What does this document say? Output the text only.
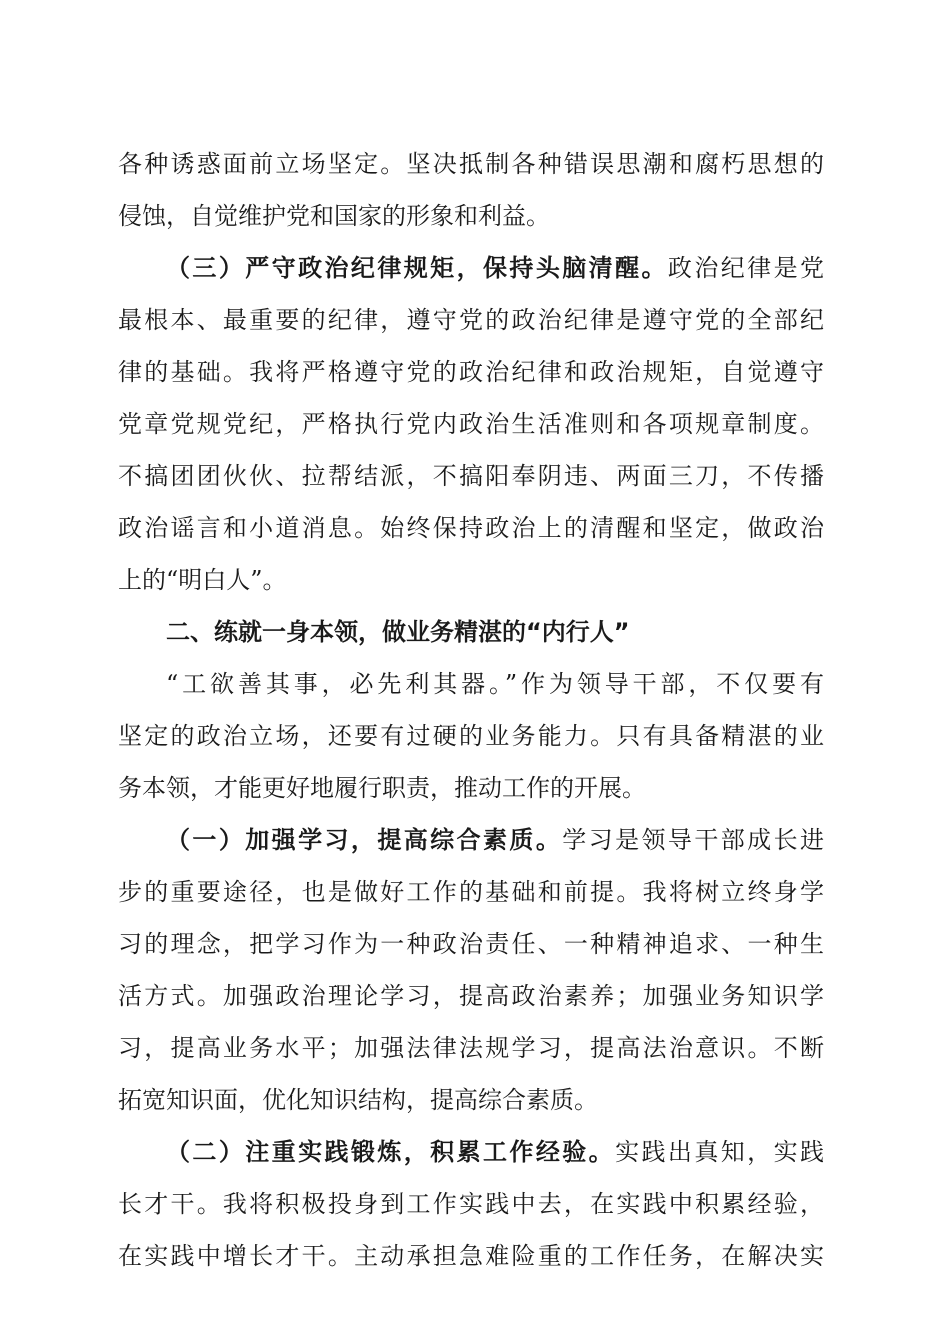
各种诱惑面前立场坚定。坚决抵制各种错误思潮和腐朽思想的
侵蚀，自觉维护党和国家的形象和利益。
（三）严守政治纪律规矩，保持头脑清醒。政治纪律是党
最根本、最重要的纪律，遵守党的政治纪律是遵守党的全部纪
律的基础。我将严格遵守党的政治纪律和政治规矩，自觉遵守
党章党规党纪，严格执行党内政治生活准则和各项规章制度。
不搞团团伙伙、拉帮结派，不搞阳奉阴违、两面三刀，不传播
政治谣言和小道消息。始终保持政治上的清醒和坚定，做政治
上的“明白人”。
二、练就一身本领，做业务精湛的“内行人”
“工欲善其事，必先利其器。”作为领导干部，不仅要有
坚定的政治立场，还要有过硬的业务能力。只有具备精湛的业
务本领，才能更好地履行职责，推动工作的开展。
（一）加强学习，提高综合素质。学习是领导干部成长进
步的重要途径，也是做好工作的基础和前提。我将树立终身学
习的理念，把学习作为一种政治责任、一种精神追求、一种生
活方式。加强政治理论学习，提高政治素养；加强业务知识学
习，提高业务水平；加强法律法规学习，提高法治意识。不断
拓宽知识面，优化知识结构，提高综合素质。
（二）注重实践锻炼，积累工作经验。实践出真知，实践
长才干。我将积极投身到工作实践中去，在实践中积累经验，
在实践中增长才干。主动承担急难险重的工作任务，在解决实
